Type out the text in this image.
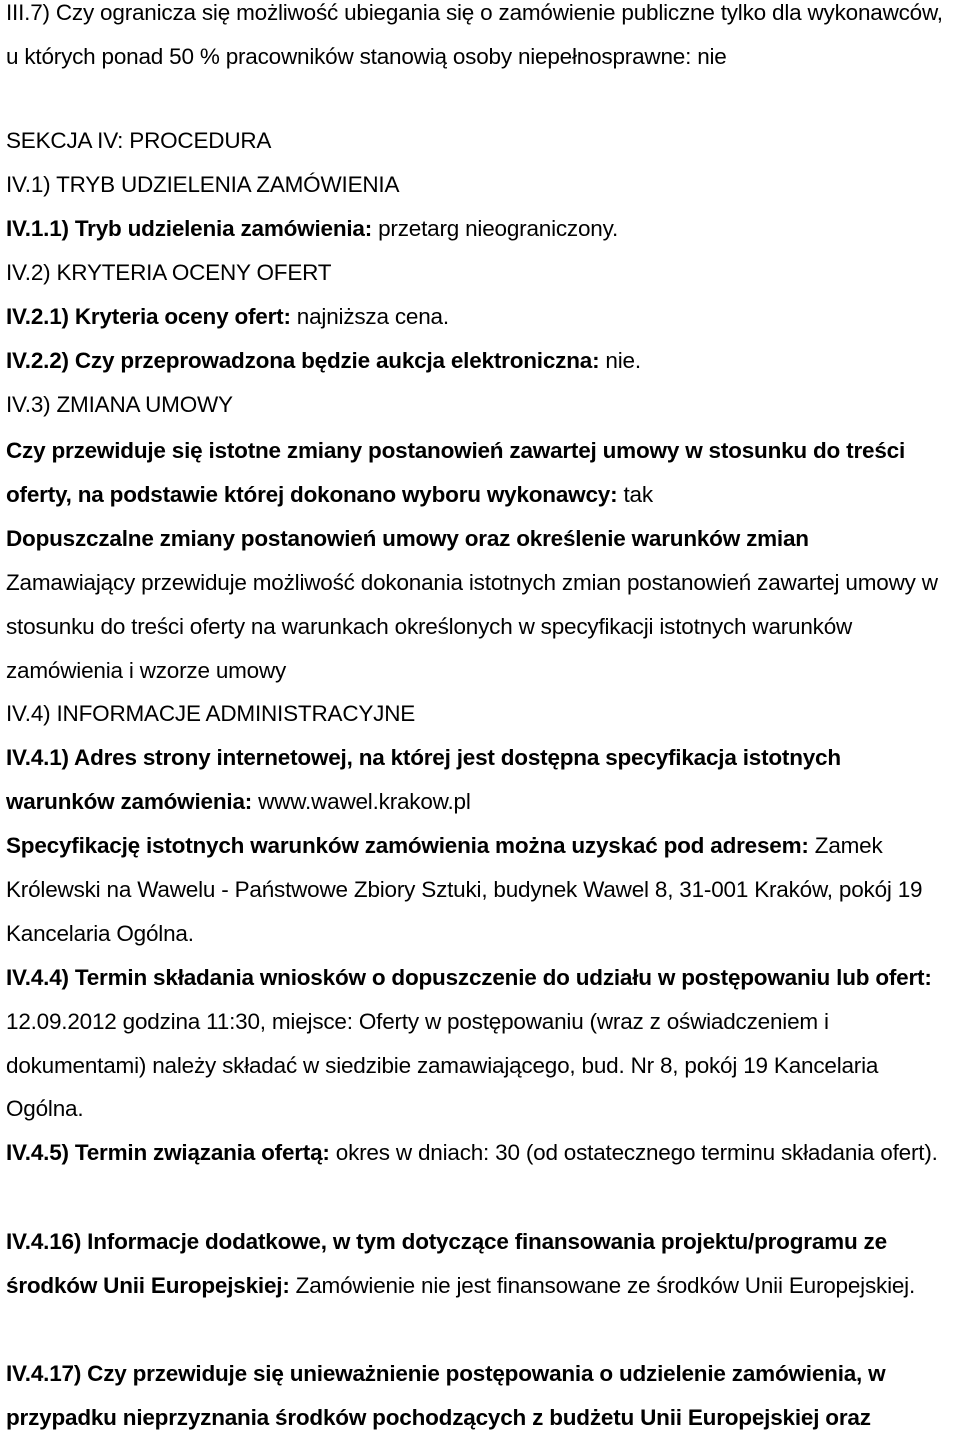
III.7) Czy ogranicza się możliwość ubiegania się o zamówienie publiczne tylko dla wykonawców, u których ponad 50 % pracowników stanowią osoby niepełnosprawne: nie

SEKCJA IV: PROCEDURA

IV.1) TRYB UDZIELENIA ZAMÓWIENIA

IV.1.1) Tryb udzielenia zamówienia: przetarg nieograniczony.

IV.2) KRYTERIA OCENY OFERT

IV.2.1) Kryteria oceny ofert: najniższa cena.

IV.2.2) Czy przeprowadzona będzie aukcja elektroniczna: nie.

IV.3) ZMIANA UMOWY

Czy przewiduje się istotne zmiany postanowień zawartej umowy w stosunku do treści oferty, na podstawie której dokonano wyboru wykonawcy: tak

Dopuszczalne zmiany postanowień umowy oraz określenie warunków zmian

Zamawiający przewiduje możliwość dokonania istotnych zmian postanowień zawartej umowy w stosunku do treści oferty na warunkach określonych w specyfikacji istotnych warunków zamówienia i wzorze umowy

IV.4) INFORMACJE ADMINISTRACYJNE

IV.4.1) Adres strony internetowej, na której jest dostępna specyfikacja istotnych warunków zamówienia: www.wawel.krakow.pl

Specyfikację istotnych warunków zamówienia można uzyskać pod adresem: Zamek Królewski na Wawelu - Państwowe Zbiory Sztuki, budynek Wawel 8, 31-001 Kraków, pokój 19 Kancelaria Ogólna.

IV.4.4) Termin składania wniosków o dopuszczenie do udziału w postępowaniu lub ofert: 12.09.2012 godzina 11:30, miejsce: Oferty w postępowaniu (wraz z oświadczeniem i dokumentami) należy składać w siedzibie zamawiającego, bud. Nr 8, pokój 19 Kancelaria Ogólna.

IV.4.5) Termin związania ofertą: okres w dniach: 30 (od ostatecznego terminu składania ofert).

IV.4.16) Informacje dodatkowe, w tym dotyczące finansowania projektu/programu ze środków Unii Europejskiej: Zamówienie nie jest finansowane ze środków Unii Europejskiej.

IV.4.17) Czy przewiduje się unieważnienie postępowania o udzielenie zamówienia, w przypadku nieprzyznania środków pochodzących z budżetu Unii Europejskiej oraz
